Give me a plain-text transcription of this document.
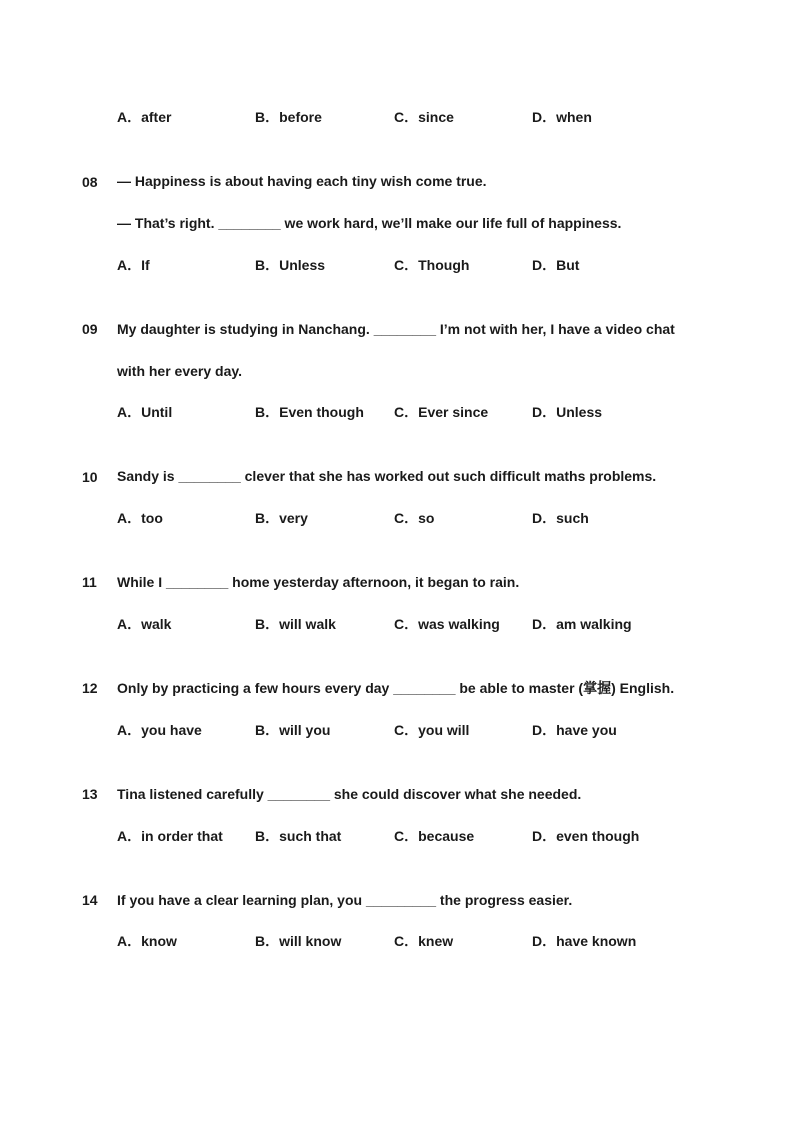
A．after	B．before	C．since	D．when
08 — Happiness is about having each tiny wish come true.
— That’s right. ________ we work hard, we’ll make our life full of happiness.
A．If	B．Unless	C．Though	D．But
09 My daughter is studying in Nanchang. ________ I’m not with her, I have a video chat
with her every day.
A．Until	B．Even though C．Ever since	D．Unless
10 Sandy is ________ clever that she has worked out such difficult maths problems.
A．too	B．very	C．so	D．such
11 While I ________ home yesterday afternoon, it began to rain.
A．walk	B．will walk	C．was walking D．am walking
12 Only by practicing a few hours every day ________ be able to master (掌握) English.
A．you have	B．will you	C．you will	D．have you
13 Tina listened carefully ________ she could discover what she needed.
A．in order that B．such that	C．because	D．even though
14 If you have a clear learning plan, you _________ the progress easier.
A．know	B．will know	C．knew	D．have known
